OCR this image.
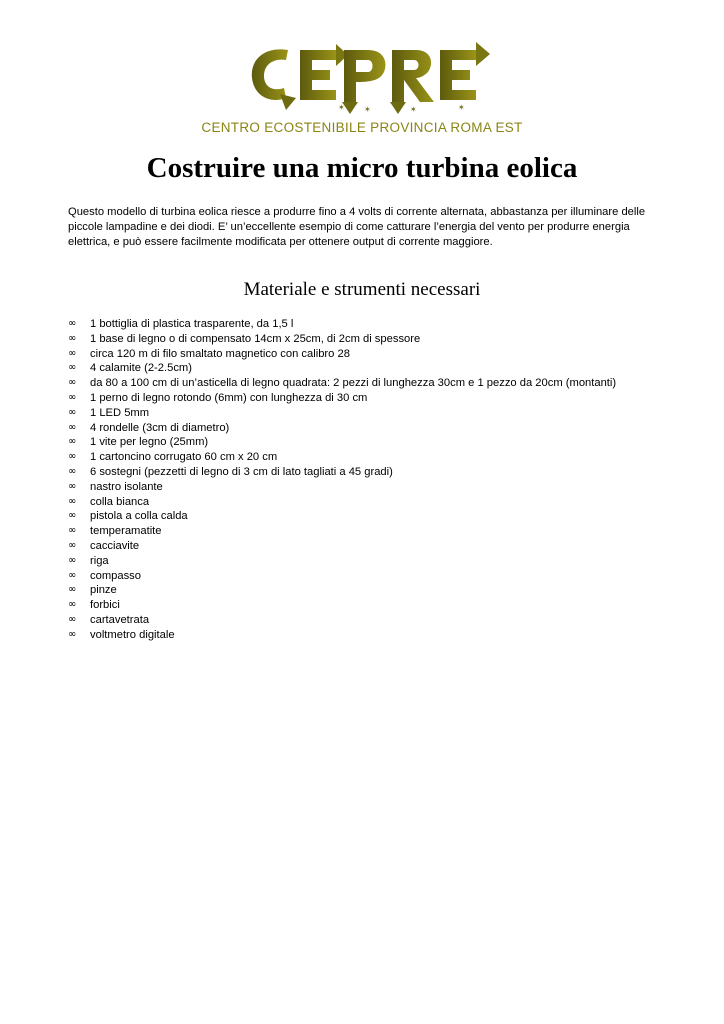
✶ ✶	✶	✶
CENTRO ECOSTENIBILE PROVINCIA ROMA EST
Costruire una micro turbina eolica

Questo modello di turbina eolica riesce a produrre fino a 4 volts di corrente alternata, abbastanza per illuminare delle piccole lampadine e dei diodi. E’ un’eccellente esempio di come catturare l’energia del vento per produrre energia elettrica, e può essere facilmente modificata per ottenere output di corrente maggiore.

Materiale e strumenti necessari
∞	1 bottiglia di plastica trasparente, da 1,5 l
∞	1 base di legno o di compensato 14cm x 25cm, di 2cm di spessore
∞	circa 120 m di filo smaltato magnetico con calibro 28
∞	4 calamite (2-2.5cm)
∞	da 80 a 100 cm di un’asticella di legno quadrata: 2 pezzi di lunghezza 30cm e 1 pezzo da 20cm (montanti)
∞	1 perno di legno rotondo (6mm) con lunghezza di 30 cm
∞	1 LED 5mm
∞	4 rondelle (3cm di diametro)
∞	1 vite per legno (25mm)
∞	1 cartoncino corrugato 60 cm x 20 cm
∞	6 sostegni (pezzetti di legno di 3 cm di lato tagliati a 45 gradi)
∞	nastro isolante
∞	colla bianca
∞	pistola a colla calda
∞	temperamatite
∞	cacciavite
∞	riga
∞	compasso
∞	pinze
∞	forbici
∞	cartavetrata
∞	voltmetro digitale
